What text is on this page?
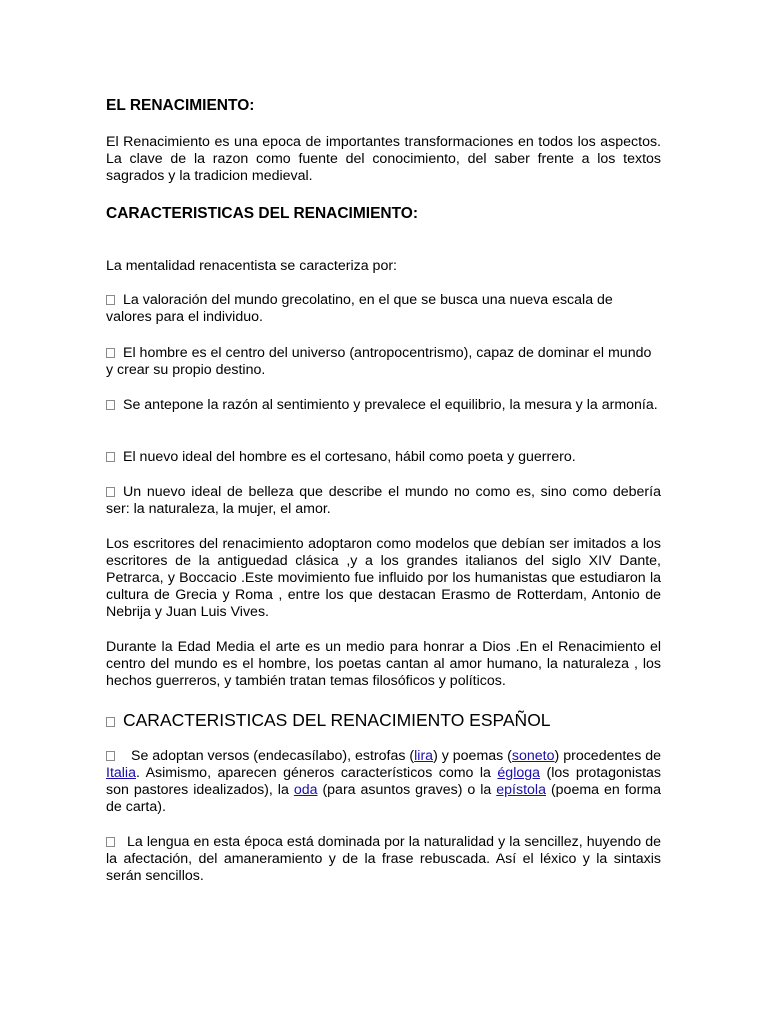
EL RENACIMIENTO:

El Renacimiento es una epoca de importantes transformaciones en todos los aspectos. La clave de la razon como fuente del conocimiento, del saber frente a los textos sagrados y la tradicion medieval.

CARACTERISTICAS DEL RENACIMIENTO:

La mentalidad renacentista se caracteriza por:

La valoración del mundo grecolatino, en el que se busca una nueva escala de valores para el individuo.

El hombre es el centro del universo (antropocentrismo), capaz de dominar el mundo y crear su propio destino.

Se antepone la razón al sentimiento y prevalece el equilibrio, la mesura y la armonía.

El nuevo ideal del hombre es el cortesano, hábil como poeta y guerrero.

Un nuevo ideal de belleza que describe el mundo no como es, sino como debería ser: la naturaleza, la mujer, el amor.

Los escritores del renacimiento adoptaron como modelos que debían ser imitados a los escritores de la antiguedad clásica ,y a los grandes italianos del siglo XIV Dante, Petrarca, y Boccacio .Este movimiento fue influido por los humanistas que estudiaron la cultura de Grecia y Roma , entre los que destacan Erasmo de Rotterdam, Antonio de Nebrija y Juan Luis Vives.

Durante la Edad Media el arte es un medio para honrar a Dios .En el Renacimiento el centro del mundo es el hombre, los poetas cantan al amor humano, la naturaleza , los hechos guerreros, y también tratan temas filosóficos y políticos.

CARACTERISTICAS DEL RENACIMIENTO ESPAÑOL

Se adoptan versos (endecasílabo), estrofas (lira) y poemas (soneto) procedentes de Italia. Asimismo, aparecen géneros característicos como la égloga (los protagonistas son pastores idealizados), la oda (para asuntos graves) o la epístola (poema en forma de carta).

La lengua en esta época está dominada por la naturalidad y la sencillez, huyendo de la afectación, del amaneramiento y de la frase rebuscada. Así el léxico y la sintaxis serán sencillos.
